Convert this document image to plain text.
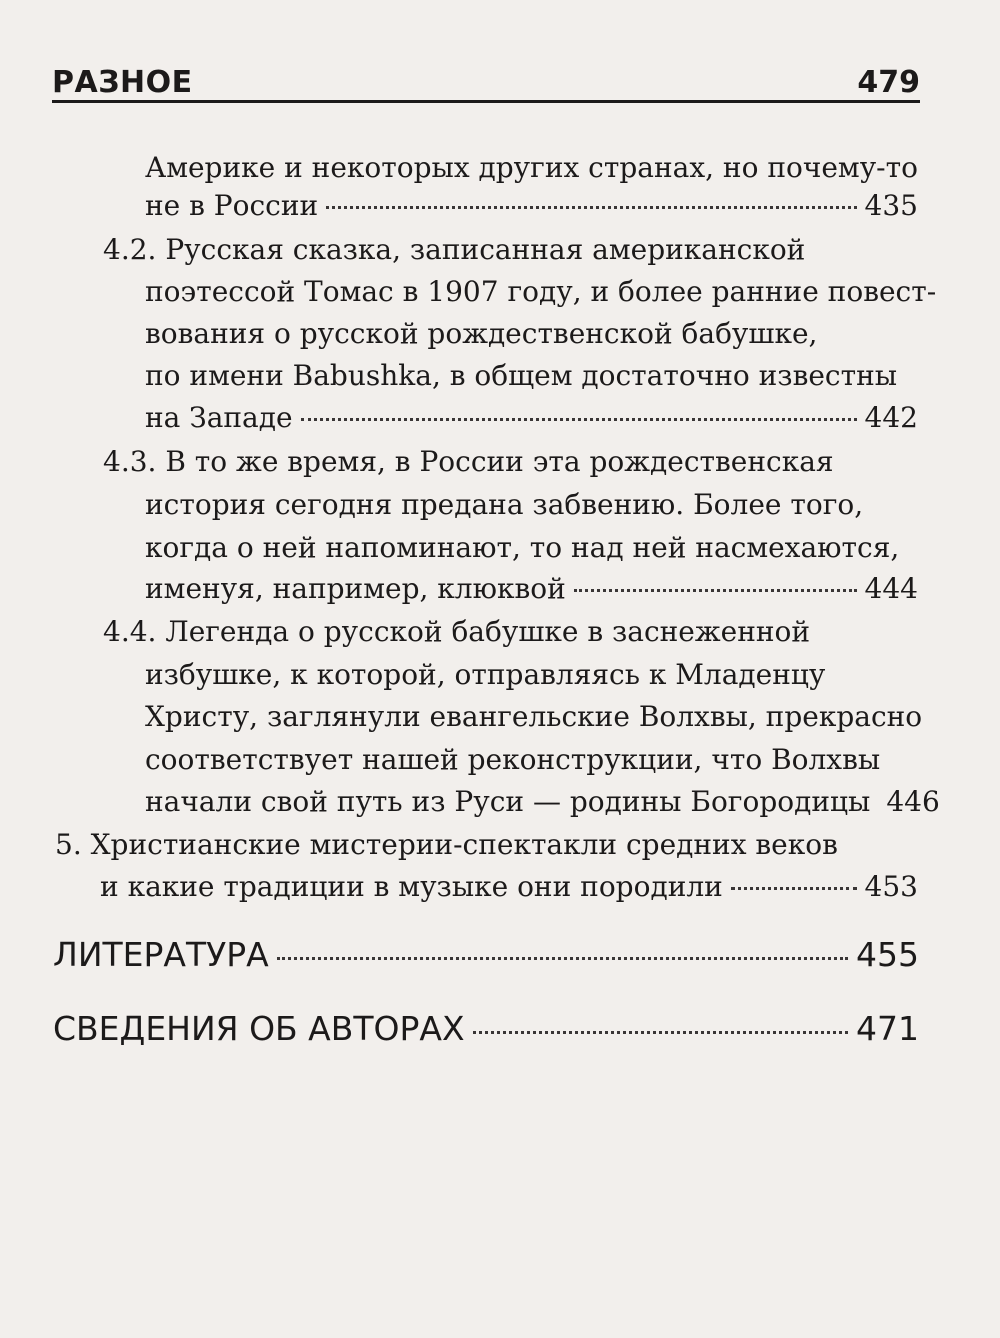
РАЗНОЕ	479
Америке и некоторых других странах, но почему-то
не в России	435
4.2. Русская сказка, записанная американской
поэтессой Томас в 1907 году, и более ранние повест-
вования о русской рождественской бабушке,
по имени Babushka, в общем достаточно известны
на Западе	442
4.3. В то же время, в России эта рождественская
история сегодня предана забвению. Более того,
когда о ней напоминают, то над ней насмехаются,
именуя, например, клюквой	444
4.4. Легенда о русской бабушке в заснеженной
избушке, к которой, отправляясь к Младенцу
Христу, заглянули евангельские Волхвы, прекрасно
соответствует нашей реконструкции, что Волхвы
начали свой путь из Руси — родины Богородицы 446
5. Христианские мистерии-спектакли средних веков
и какие традиции в музыке они породили	453
ЛИТЕРАТУРА	455
СВЕДЕНИЯ ОБ АВТОРАХ	471
